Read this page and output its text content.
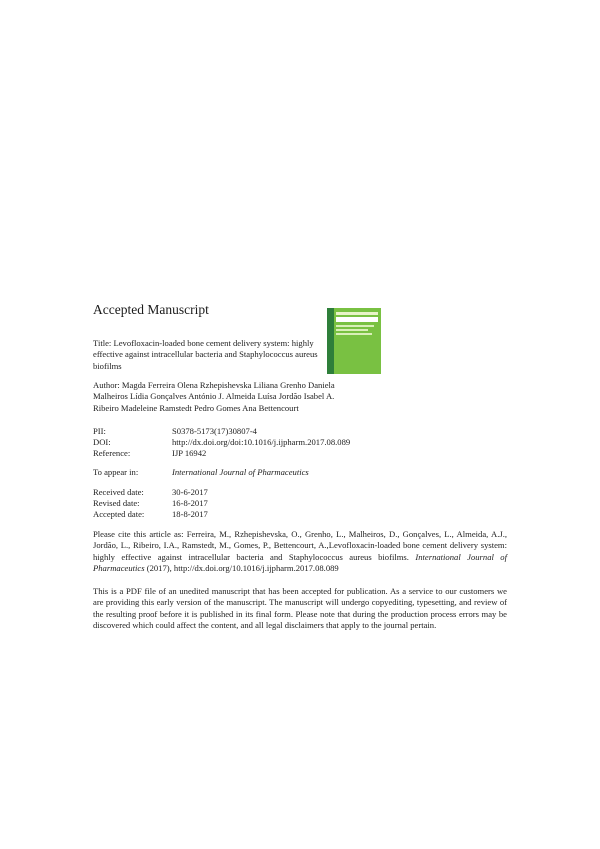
Accepted Manuscript
Title: Levofloxacin-loaded bone cement delivery system: highly effective against intracellular bacteria and Staphylococcus aureus biofilms
Author: Magda Ferreira Olena Rzhepishevska Liliana Grenho Daniela Malheiros Lídia Gonçalves António J. Almeida Luísa Jordão Isabel A. Ribeiro Madeleine Ramstedt Pedro Gomes Ana Bettencourt
PII:	S0378-5173(17)30807-4
DOI:	http://dx.doi.org/doi:10.1016/j.ijpharm.2017.08.089
Reference:	IJP 16942
To appear in:	International Journal of Pharmaceutics
Received date:	30-6-2017
Revised date:	16-8-2017
Accepted date:	18-8-2017
Please cite this article as: Ferreira, M., Rzhepishevska, O., Grenho, L., Malheiros, D., Gonçalves, L., Almeida, A.J., Jordão, L., Ribeiro, I.A., Ramstedt, M., Gomes, P., Bettencourt, A.,Levofloxacin-loaded bone cement delivery system: highly effective against intracellular bacteria and Staphylococcus aureus biofilms. International Journal of Pharmaceutics (2017), http://dx.doi.org/10.1016/j.ijpharm.2017.08.089
This is a PDF file of an unedited manuscript that has been accepted for publication. As a service to our customers we are providing this early version of the manuscript. The manuscript will undergo copyediting, typesetting, and review of the resulting proof before it is published in its final form. Please note that during the production process errors may be discovered which could affect the content, and all legal disclaimers that apply to the journal pertain.
